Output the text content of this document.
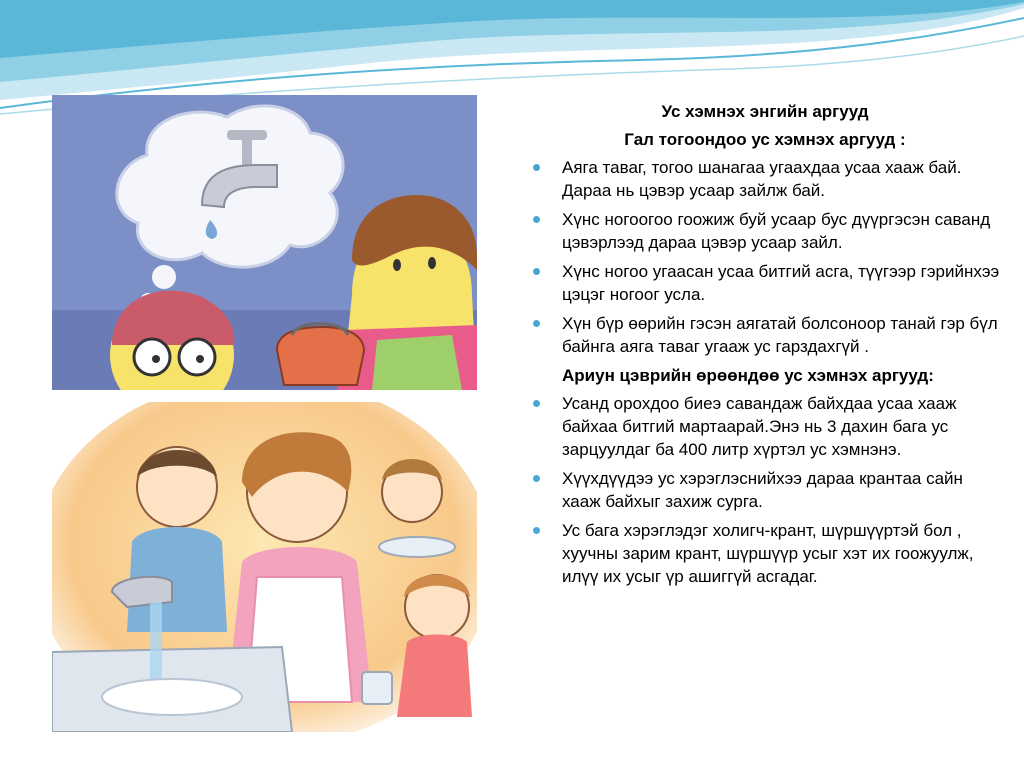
Ус хэмнэх энгийн аргууд
Гал тогоондоо ус хэмнэх аргууд :
Аяга таваг, тогоо шанагаа угаахдаа усаа хааж бай. Дараа нь цэвэр усаар зайлж бай.
Хүнс ногоогоо гоожиж буй усаар бус дүүргэсэн саванд цэвэрлээд дараа цэвэр усаар зайл.
Хүнс ногоо угаасан усаа битгий асга, түүгээр гэрийнхээ цэцэг ногоог усла.
Хүн бүр өөрийн гэсэн аягатай болсоноор танай гэр бүл байнга аяга таваг угааж ус гарздахгүй .
Ариун цэврийн өрөөндөө ус хэмнэх аргууд:
Усанд орохдоо биеэ савандаж байхдаа усаа хааж байхаа битгий мартаарай.Энэ нь 3 дахин бага ус зарцуулдаг ба 400 литр хүртэл ус хэмнэнэ.
Хүүхдүүдээ ус хэрэглэснийхээ дараа крантаа сайн хааж байхыг захиж сурга.
Ус бага хэрэглэдэг холигч-крант, шүршүүртэй бол , хуучны зарим крант, шүршүүр усыг хэт их гоожуулж, илүү их усыг үр ашиггүй асгадаг.
